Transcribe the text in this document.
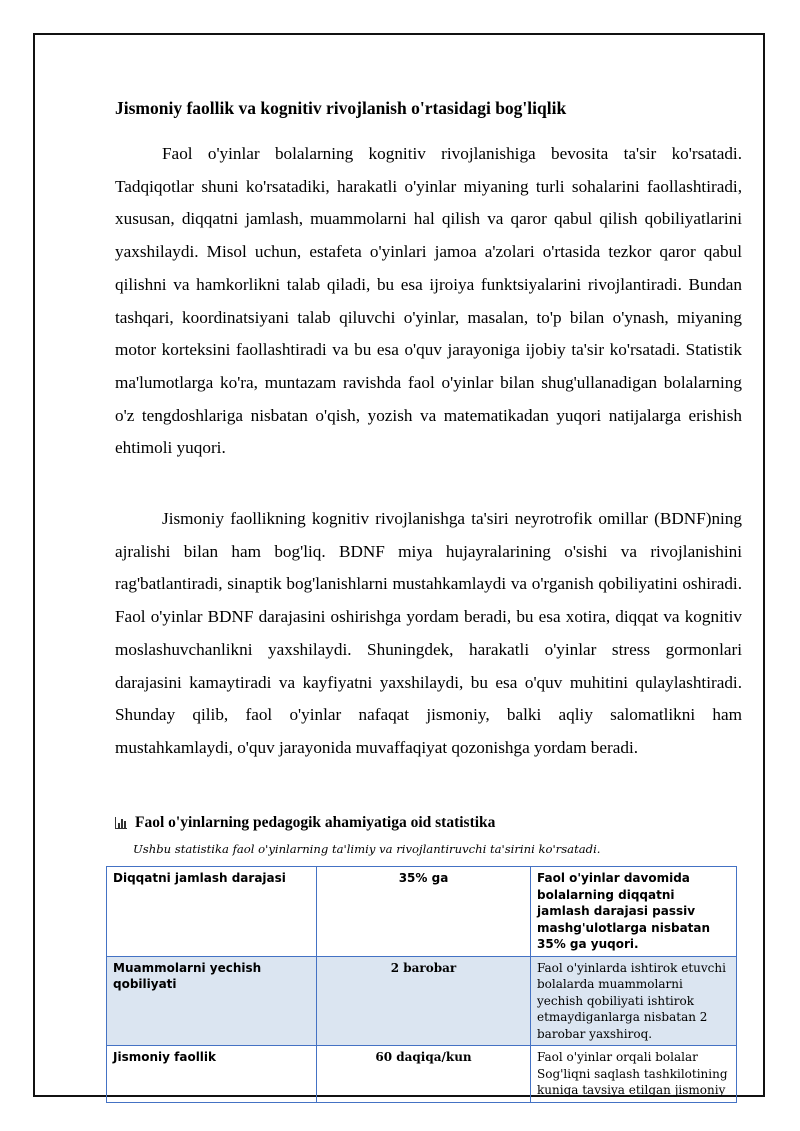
Jismoniy faollik va kognitiv rivojlanish o'rtasidagi bog'liqlik

Faol o'yinlar bolalarning kognitiv rivojlanishiga bevosita ta'sir ko'rsatadi. Tadqiqotlar shuni ko'rsatadiki, harakatli o'yinlar miyaning turli sohalarini faollashtiradi, xususan, diqqatni jamlash, muammolarni hal qilish va qaror qabul qilish qobiliyatlarini yaxshilaydi. Misol uchun, estafeta o'yinlari jamoa a'zolari o'rtasida tezkor qaror qabul qilishni va hamkorlikni talab qiladi, bu esa ijroiya funktsiyalarini rivojlantiradi. Bundan tashqari, koordinatsiyani talab qiluvchi o'yinlar, masalan, to'p bilan o'ynash, miyaning motor korteksini faollashtiradi va bu esa o'quv jarayoniga ijobiy ta'sir ko'rsatadi. Statistik ma'lumotlarga ko'ra, muntazam ravishda faol o'yinlar bilan shug'ullanadigan bolalarning o'z tengdoshlariga nisbatan o'qish, yozish va matematikadan yuqori natijalarga erishish ehtimoli yuqori.

Jismoniy faollikning kognitiv rivojlanishga ta'siri neyrotrofik omillar (BDNF)ning ajralishi bilan ham bog'liq. BDNF miya hujayralarining o'sishi va rivojlanishini rag'batlantiradi, sinaptik bog'lanishlarni mustahkamlaydi va o'rganish qobiliyatini oshiradi. Faol o'yinlar BDNF darajasini oshirishga yordam beradi, bu esa xotira, diqqat va kognitiv moslashuvchanlikni yaxshilaydi. Shuningdek, harakatli o'yinlar stress gormonlari darajasini kamaytiradi va kayfiyatni yaxshilaydi, bu esa o'quv muhitini qulaylashtiradi. Shunday qilib, faol o'yinlar nafaqat jismoniy, balki aqliy salomatlikni ham mustahkamlaydi, o'quv jarayonida muvaffaqiyat qozonishga yordam beradi.

Faol o'yinlarning pedagogik ahamiyatiga oid statistika
Ushbu statistika faol o'yinlarning ta'limiy va rivojlantiruvchi ta'sirini ko'rsatadi.
Diqqatni jamlash darajasi	35% ga	Faol o'yinlar davomida bolalarning diqqatni jamlash darajasi passiv mashg'ulotlarga nisbatan 35% ga yuqori.
Muammolarni yechish qobiliyati	2 barobar	Faol o'yinlarda ishtirok etuvchi bolalarda muammolarni yechish qobiliyati ishtirok etmaydiganlarga nisbatan 2 barobar yaxshiroq.
Jismoniy faollik	60 daqiqa/kun	Faol o'yinlar orqali bolalar Sog'liqni saqlash tashkilotining kuniga tavsiya etilgan jismoniy
